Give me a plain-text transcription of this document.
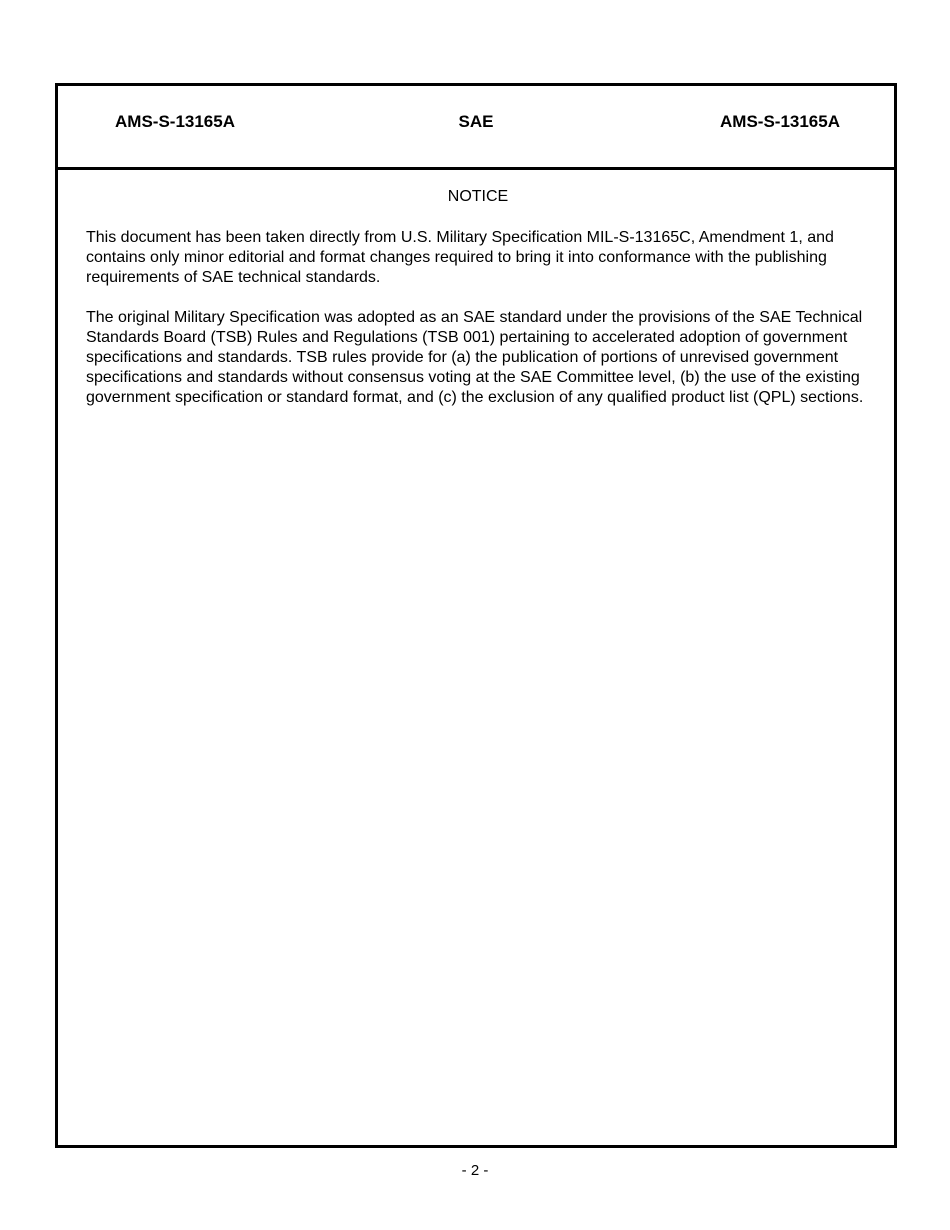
AMS-S-13165A	SAE	AMS-S-13165A
NOTICE

This document has been taken directly from U.S. Military Specification MIL-S-13165C, Amendment 1, and contains only minor editorial and format changes required to bring it into conformance with the publishing requirements of SAE technical standards.

The original Military Specification was adopted as an SAE standard under the provisions of the SAE Technical Standards Board (TSB) Rules and Regulations (TSB 001) pertaining to accelerated adoption of government specifications and standards. TSB rules provide for (a) the publication of portions of unrevised government specifications and standards without consensus voting at the SAE Committee level, (b) the use of the existing government specification or standard format, and (c) the exclusion of any qualified product list (QPL) sections.

- 2 -
